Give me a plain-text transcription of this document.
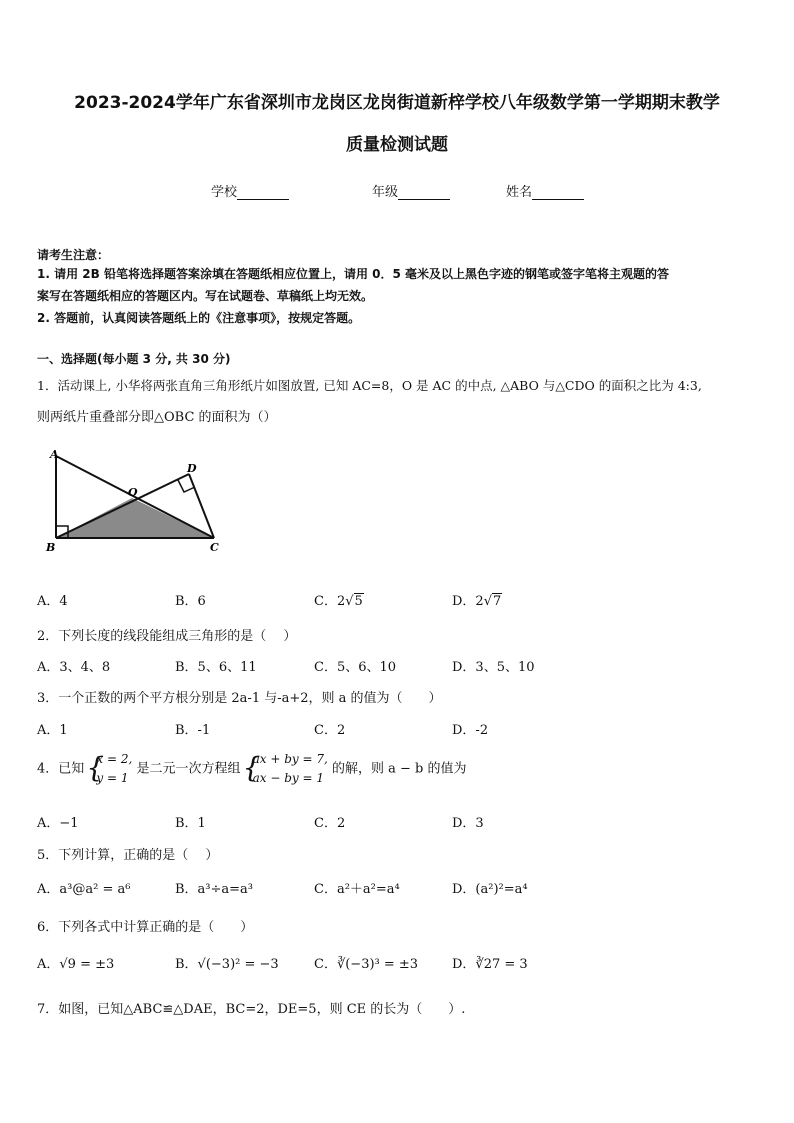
2023-2024学年广东省深圳市龙岗区龙岗街道新梓学校八年级数学第一学期期末教学
质量检测试题
学校	年级	姓名
请考生注意：
1. 请用 2B 铅笔将选择题答案涂填在答题纸相应位置上，请用 0．5 毫米及以上黑色字迹的钢笔或签字笔将主观题的答
案写在答题纸相应的答题区内。写在试题卷、草稿纸上均无效。
2. 答题前，认真阅读答题纸上的《注意事项》，按规定答题。
一、选择题(每小题 3 分, 共 30 分)
1．活动课上, 小华将两张直角三角形纸片如图放置, 已知 AC=8，O 是 AC 的中点, △ABO 与△CDO 的面积之比为 4:3,
则两纸片重叠部分即△OBC 的面积为（）
A
D
O
B	C
A．4	B．6	C．2√5	D．2√7
2．下列长度的线段能组成三角形的是（　 ）
A．3、4、8	B．5、6、11	C．5、6、10	D．3、5、10
3．一个正数的两个平方根分别是 2a-1 与-a+2，则 a 的值为（　　）
A．1	B．-1	C．2	D．-2
4．已知 { x = 2,
y = 1 是二元一次方程组 { ax + by = 7,
ax − by = 1 的解，则 a − b 的值为
A．−1	B．1	C．2	D．3
5．下列计算，正确的是（　 ）
A．a³@a² = a⁶	B．a³÷a=a³	C．a²＋a²=a⁴	D．(a²)²=a⁴
6．下列各式中计算正确的是（　　）
A．√9 = ±3	B．√(−3)² = −3	C．∛(−3)³ = ±3	D．∛27 = 3
7．如图，已知△ABC≌△DAE，BC=2，DE=5，则 CE 的长为（　　）.
